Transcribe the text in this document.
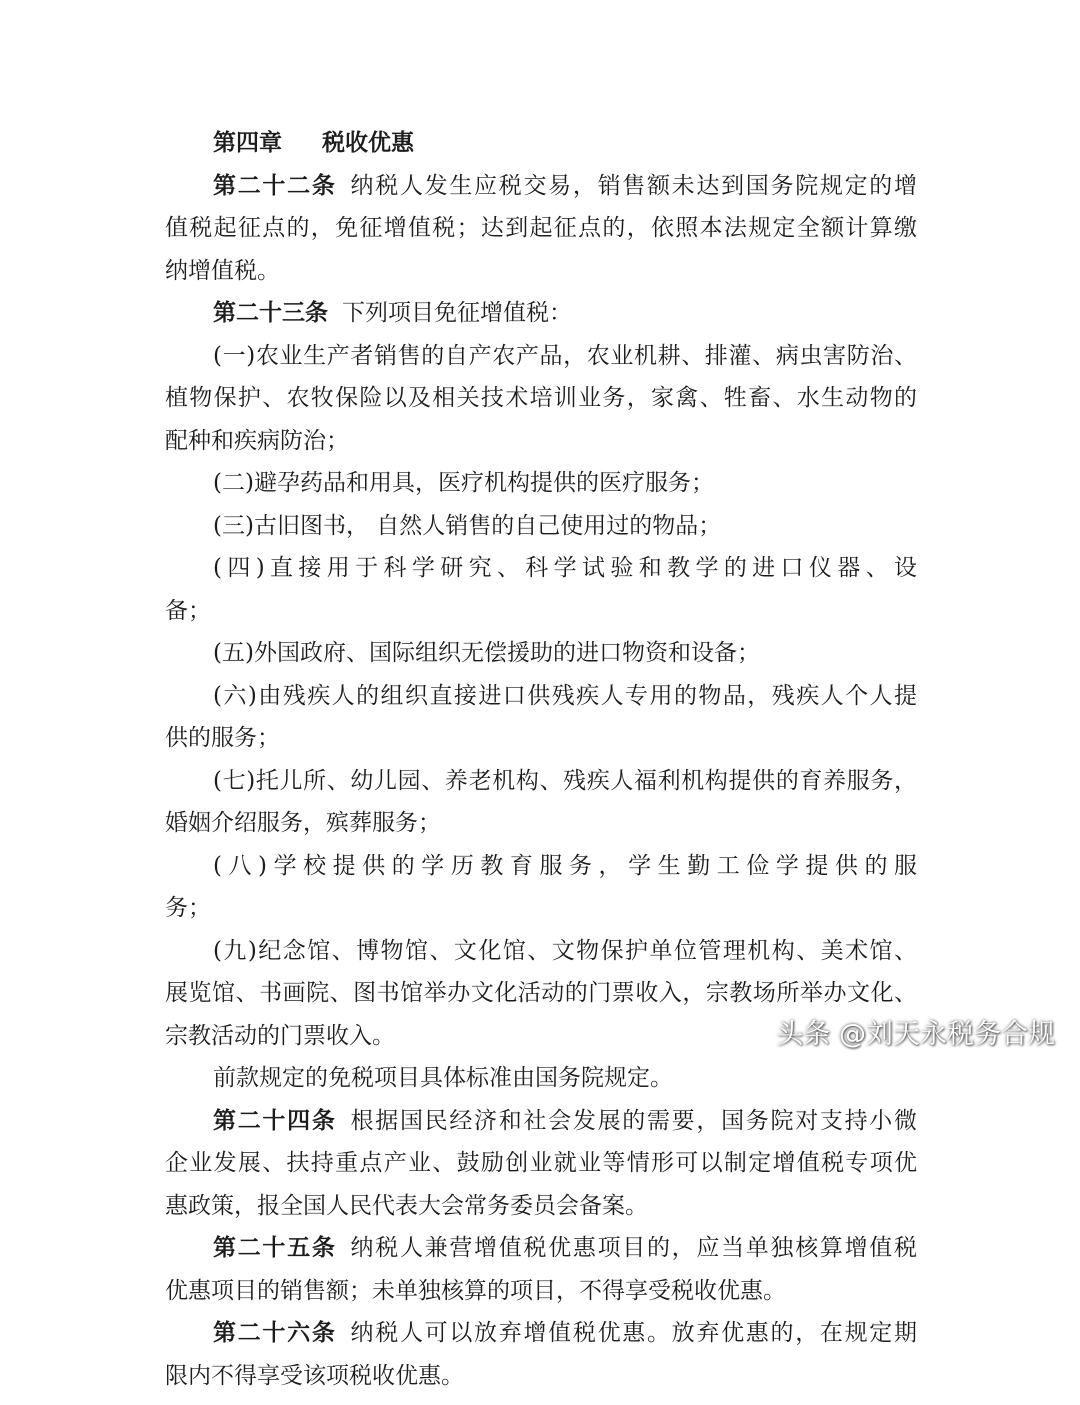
第四章 税收优惠
第二十二条 纳税人发生应税交易，销售额未达到国务院规定的增
值税起征点的，免征增值税；达到起征点的，依照本法规定全额计算缴
纳增值税。
第二十三条 下列项目免征增值税：
(一)农业生产者销售的自产农产品，农业机耕、排灌、病虫害防治、
植物保护、农牧保险以及相关技术培训业务，家禽、牲畜、水生动物的
配种和疾病防治；
(二)避孕药品和用具，医疗机构提供的医疗服务；
(三)古旧图书， 自然人销售的自己使用过的物品；
(四)直接用于科学研究、科学试验和教学的进口仪器、设
备；
(五)外国政府、国际组织无偿援助的进口物资和设备；
(六)由残疾人的组织直接进口供残疾人专用的物品，残疾人个人提
供的服务；
(七)托儿所、幼儿园、养老机构、残疾人福利机构提供的育养服务，
婚姻介绍服务，殡葬服务；
(八)学校提供的学历教育服务，学生勤工俭学提供的服
务；
(九)纪念馆、博物馆、文化馆、文物保护单位管理机构、美术馆、
展览馆、书画院、图书馆举办文化活动的门票收入，宗教场所举办文化、
宗教活动的门票收入。
前款规定的免税项目具体标准由国务院规定。
第二十四条 根据国民经济和社会发展的需要，国务院对支持小微
企业发展、扶持重点产业、鼓励创业就业等情形可以制定增值税专项优
惠政策，报全国人民代表大会常务委员会备案。
第二十五条 纳税人兼营增值税优惠项目的，应当单独核算增值税
优惠项目的销售额；未单独核算的项目，不得享受税收优惠。
第二十六条 纳税人可以放弃增值税优惠。放弃优惠的，在规定期
限内不得享受该项税收优惠。
头条 @刘天永税务合规
